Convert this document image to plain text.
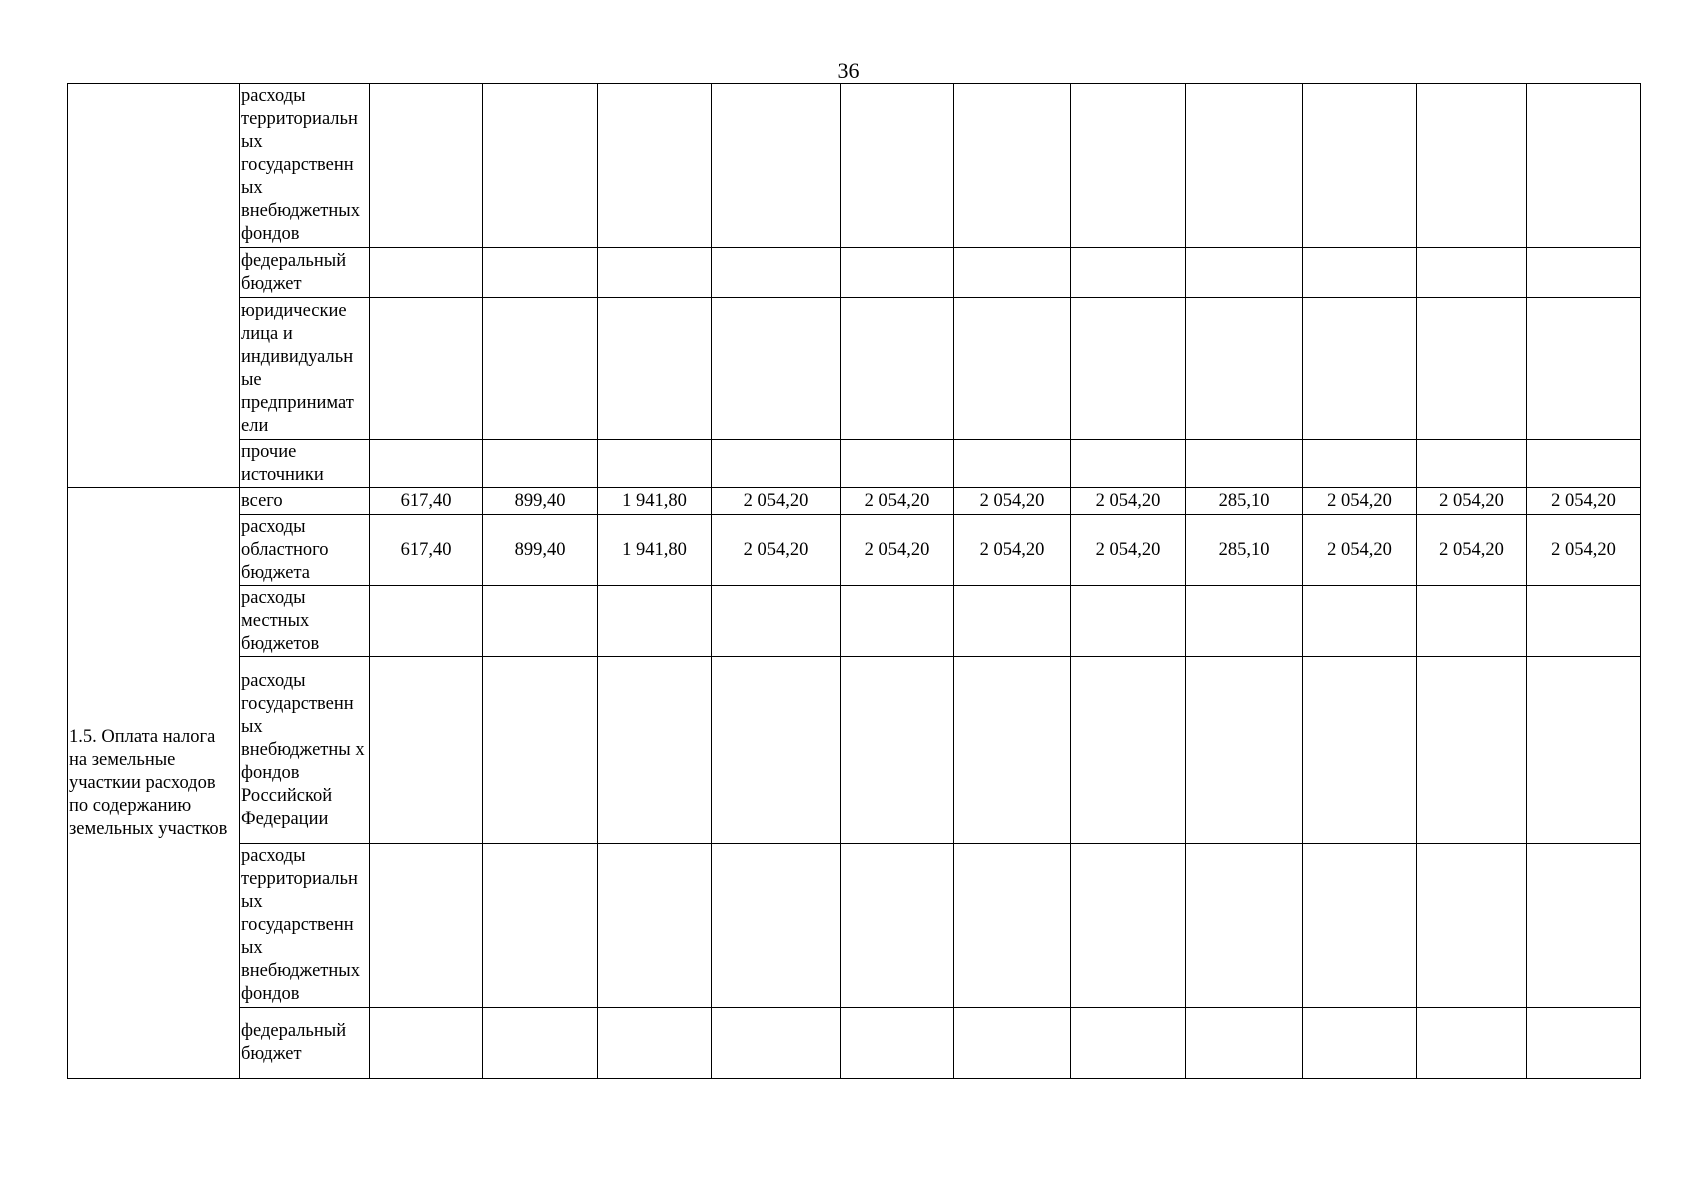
36
	расходы территориальн ых государственн ых внебюджетных фондов											
	федеральный бюджет											
	юридические лица и индивидуальн ые предпринимат ели											
	прочие источники											
1.5. Оплата налога на земельные участкии расходов по содержанию земельных участков	всего	617,40	899,40	1 941,80	2 054,20	2 054,20	2 054,20	2 054,20	285,10	2 054,20	2 054,20	2 054,20
	расходы областного бюджета	617,40	899,40	1 941,80	2 054,20	2 054,20	2 054,20	2 054,20	285,10	2 054,20	2 054,20	2 054,20
	расходы местных бюджетов											
	расходы государственн ых внебюджетны х фондов Российской Федерации											
	расходы территориальн ых государственн ых внебюджетных фондов											
	федеральный бюджет											
